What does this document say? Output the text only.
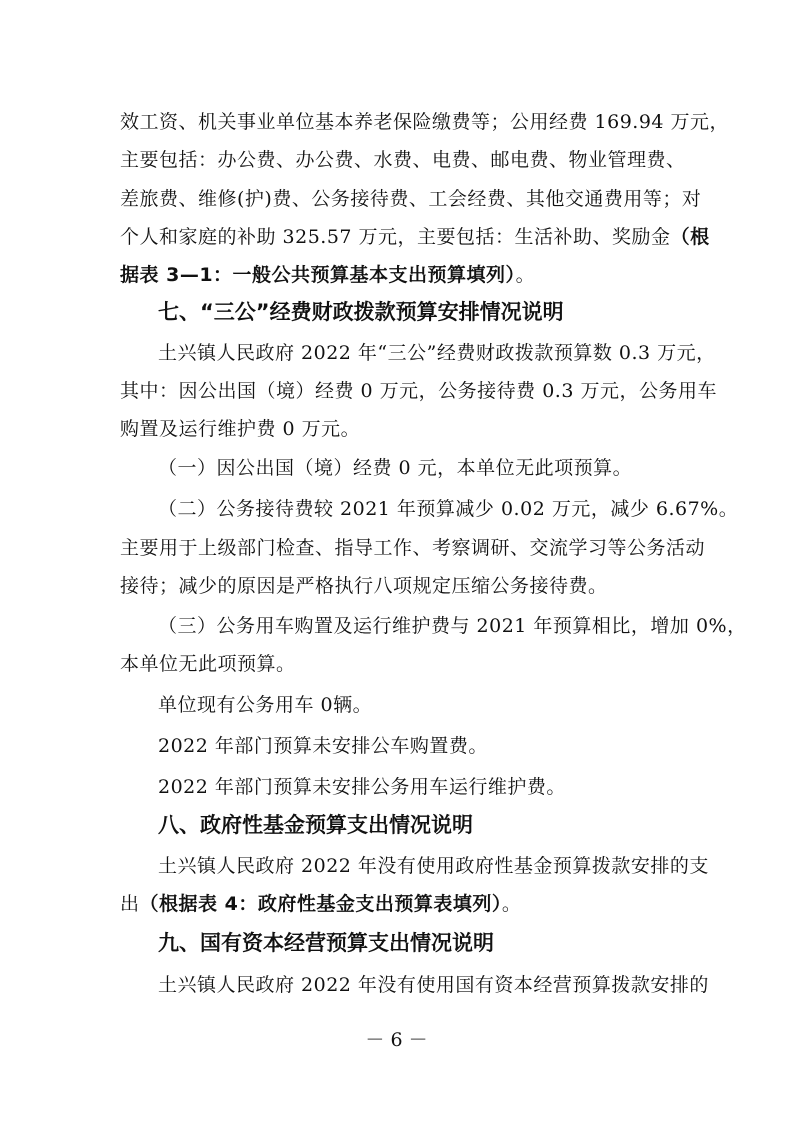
效工资、机关事业单位基本养老保险缴费等；公用经费 169.94 万元，
主要包括：办公费、办公费、水费、电费、邮电费、物业管理费、
差旅费、维修(护)费、公务接待费、工会经费、其他交通费用等；对
个人和家庭的补助 325.57 万元，主要包括：生活补助、奖励金（根
据表 3—1：一般公共预算基本支出预算填列）。
七、“三公”经费财政拨款预算安排情况说明
土兴镇人民政府 2022 年“三公”经费财政拨款预算数 0.3 万元，
其中：因公出国（境）经费 0 万元，公务接待费 0.3 万元，公务用车
购置及运行维护费 0 万元。
（一）因公出国（境）经费 0 元，本单位无此项预算。
（二）公务接待费较 2021 年预算减少 0.02 万元，减少 6.67%。
主要用于上级部门检查、指导工作、考察调研、交流学习等公务活动
接待；减少的原因是严格执行八项规定压缩公务接待费。
（三）公务用车购置及运行维护费与 2021 年预算相比，增加 0%，
本单位无此项预算。
单位现有公务用车 0辆。
2022 年部门预算未安排公车购置费。
2022 年部门预算未安排公务用车运行维护费。
八、政府性基金预算支出情况说明
土兴镇人民政府 2022 年没有使用政府性基金预算拨款安排的支
出（根据表 4：政府性基金支出预算表填列）。
九、国有资本经营预算支出情况说明
土兴镇人民政府 2022 年没有使用国有资本经营预算拨款安排的
－ 6 －
